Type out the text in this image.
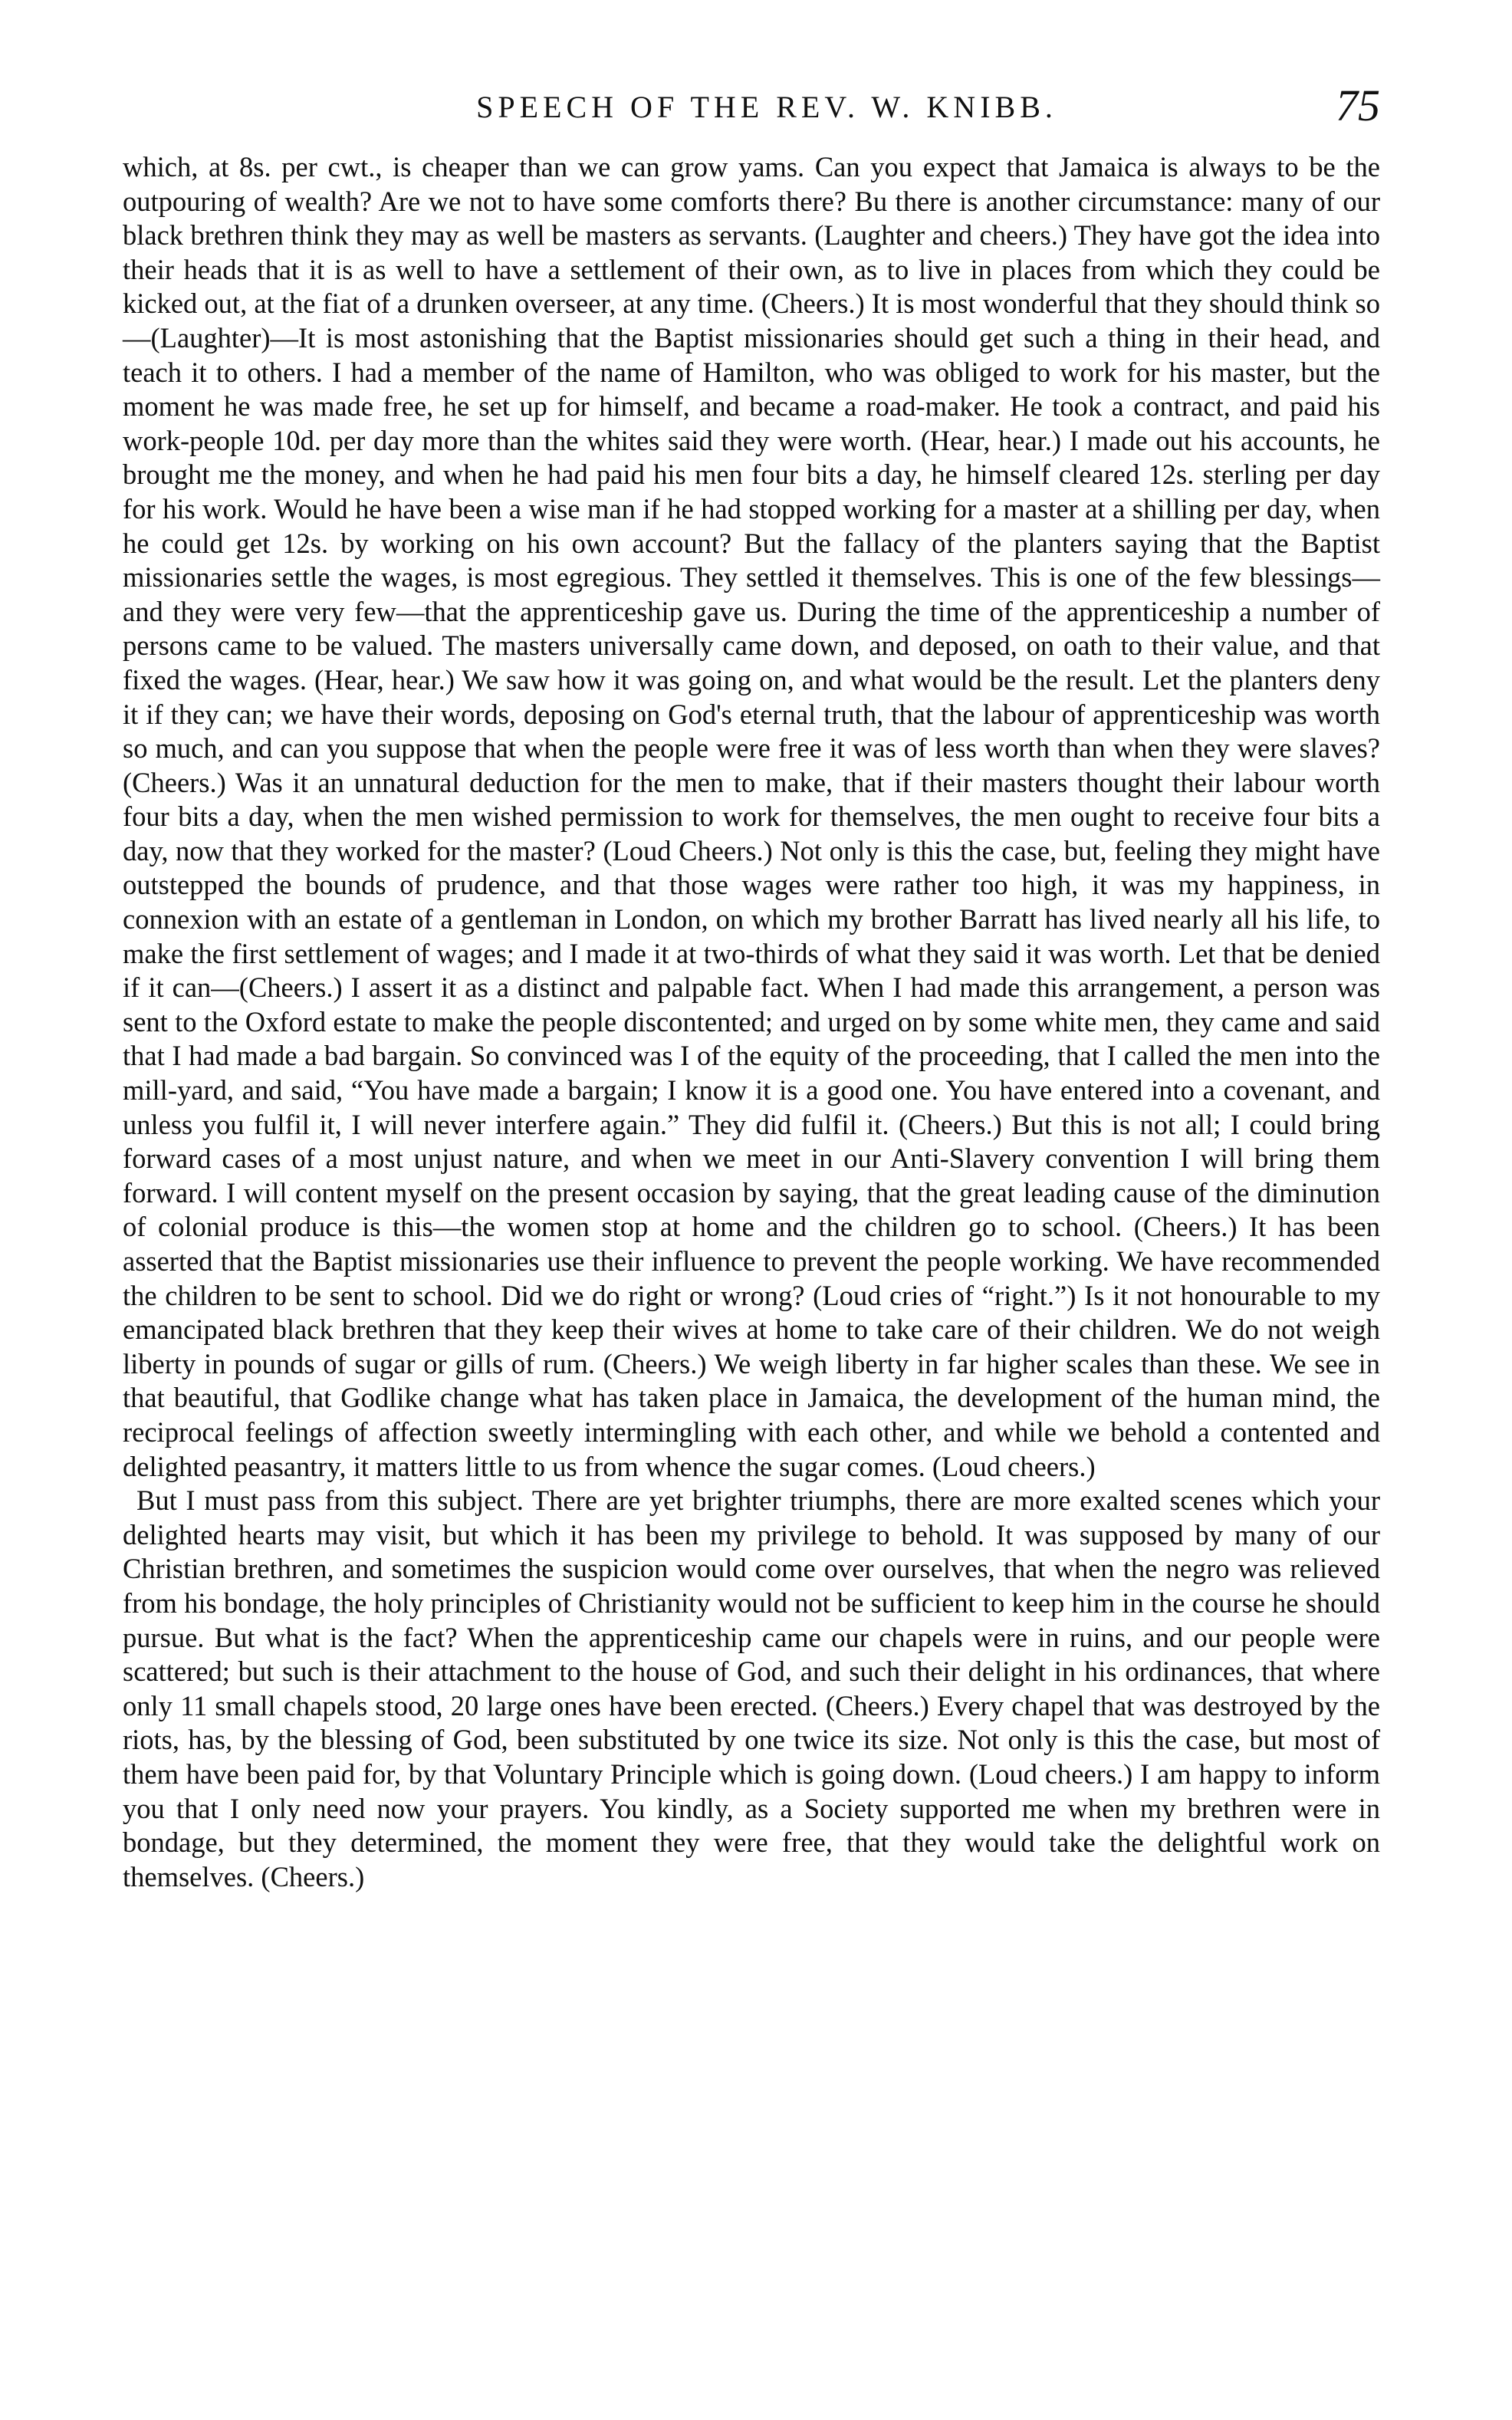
SPEECH OF THE REV. W. KNIBB.	75

which, at 8s. per cwt., is cheaper than we can grow yams. Can you expect that Jamaica is always to be the outpouring of wealth? Are we not to have some comforts there? Bu there is another circumstance: many of our black brethren think they may as well be masters as servants. (Laughter and cheers.) They have got the idea into their heads that it is as well to have a settlement of their own, as to live in places from which they could be kicked out, at the fiat of a drunken overseer, at any time. (Cheers.) It is most wonderful that they should think so—(Laughter)—It is most astonishing that the Baptist missionaries should get such a thing in their head, and teach it to others. I had a member of the name of Hamilton, who was obliged to work for his master, but the moment he was made free, he set up for himself, and became a road-maker. He took a contract, and paid his work-people 10d. per day more than the whites said they were worth. (Hear, hear.) I made out his accounts, he brought me the money, and when he had paid his men four bits a day, he himself cleared 12s. sterling per day for his work. Would he have been a wise man if he had stopped working for a master at a shilling per day, when he could get 12s. by working on his own account? But the fallacy of the planters saying that the Baptist missionaries settle the wages, is most egregious. They settled it themselves. This is one of the few blessings—and they were very few—that the apprenticeship gave us. During the time of the apprenticeship a number of persons came to be valued. The masters universally came down, and deposed, on oath to their value, and that fixed the wages. (Hear, hear.) We saw how it was going on, and what would be the result. Let the planters deny it if they can; we have their words, deposing on God's eternal truth, that the labour of apprenticeship was worth so much, and can you suppose that when the people were free it was of less worth than when they were slaves? (Cheers.) Was it an unnatural deduction for the men to make, that if their masters thought their labour worth four bits a day, when the men wished permission to work for themselves, the men ought to receive four bits a day, now that they worked for the master? (Loud Cheers.) Not only is this the case, but, feeling they might have outstepped the bounds of prudence, and that those wages were rather too high, it was my happiness, in connexion with an estate of a gentleman in London, on which my brother Barratt has lived nearly all his life, to make the first settlement of wages; and I made it at two-thirds of what they said it was worth. Let that be denied if it can—(Cheers.) I assert it as a distinct and palpable fact. When I had made this arrangement, a person was sent to the Oxford estate to make the people discontented; and urged on by some white men, they came and said that I had made a bad bargain. So convinced was I of the equity of the proceeding, that I called the men into the mill-yard, and said, “You have made a bargain; I know it is a good one. You have entered into a covenant, and unless you fulfil it, I will never interfere again.” They did fulfil it. (Cheers.) But this is not all; I could bring forward cases of a most unjust nature, and when we meet in our Anti-Slavery convention I will bring them forward. I will content myself on the present occasion by saying, that the great leading cause of the diminution of colonial produce is this—the women stop at home and the children go to school. (Cheers.) It has been asserted that the Baptist missionaries use their influence to prevent the people working. We have recommended the children to be sent to school. Did we do right or wrong? (Loud cries of “right.”) Is it not honourable to my emancipated black brethren that they keep their wives at home to take care of their children. We do not weigh liberty in pounds of sugar or gills of rum. (Cheers.) We weigh liberty in far higher scales than these. We see in that beautiful, that Godlike change what has taken place in Jamaica, the development of the human mind, the reciprocal feelings of affection sweetly intermingling with each other, and while we behold a contented and delighted peasantry, it matters little to us from whence the sugar comes. (Loud cheers.)

But I must pass from this subject. There are yet brighter triumphs, there are more exalted scenes which your delighted hearts may visit, but which it has been my privilege to behold. It was supposed by many of our Christian brethren, and sometimes the suspicion would come over ourselves, that when the negro was relieved from his bondage, the holy principles of Christianity would not be sufficient to keep him in the course he should pursue. But what is the fact? When the apprenticeship came our chapels were in ruins, and our people were scattered; but such is their attachment to the house of God, and such their delight in his ordinances, that where only 11 small chapels stood, 20 large ones have been erected. (Cheers.) Every chapel that was destroyed by the riots, has, by the blessing of God, been substituted by one twice its size. Not only is this the case, but most of them have been paid for, by that Voluntary Principle which is going down. (Loud cheers.) I am happy to inform you that I only need now your prayers. You kindly, as a Society supported me when my brethren were in bondage, but they determined, the moment they were free, that they would take the delightful work on themselves. (Cheers.)
